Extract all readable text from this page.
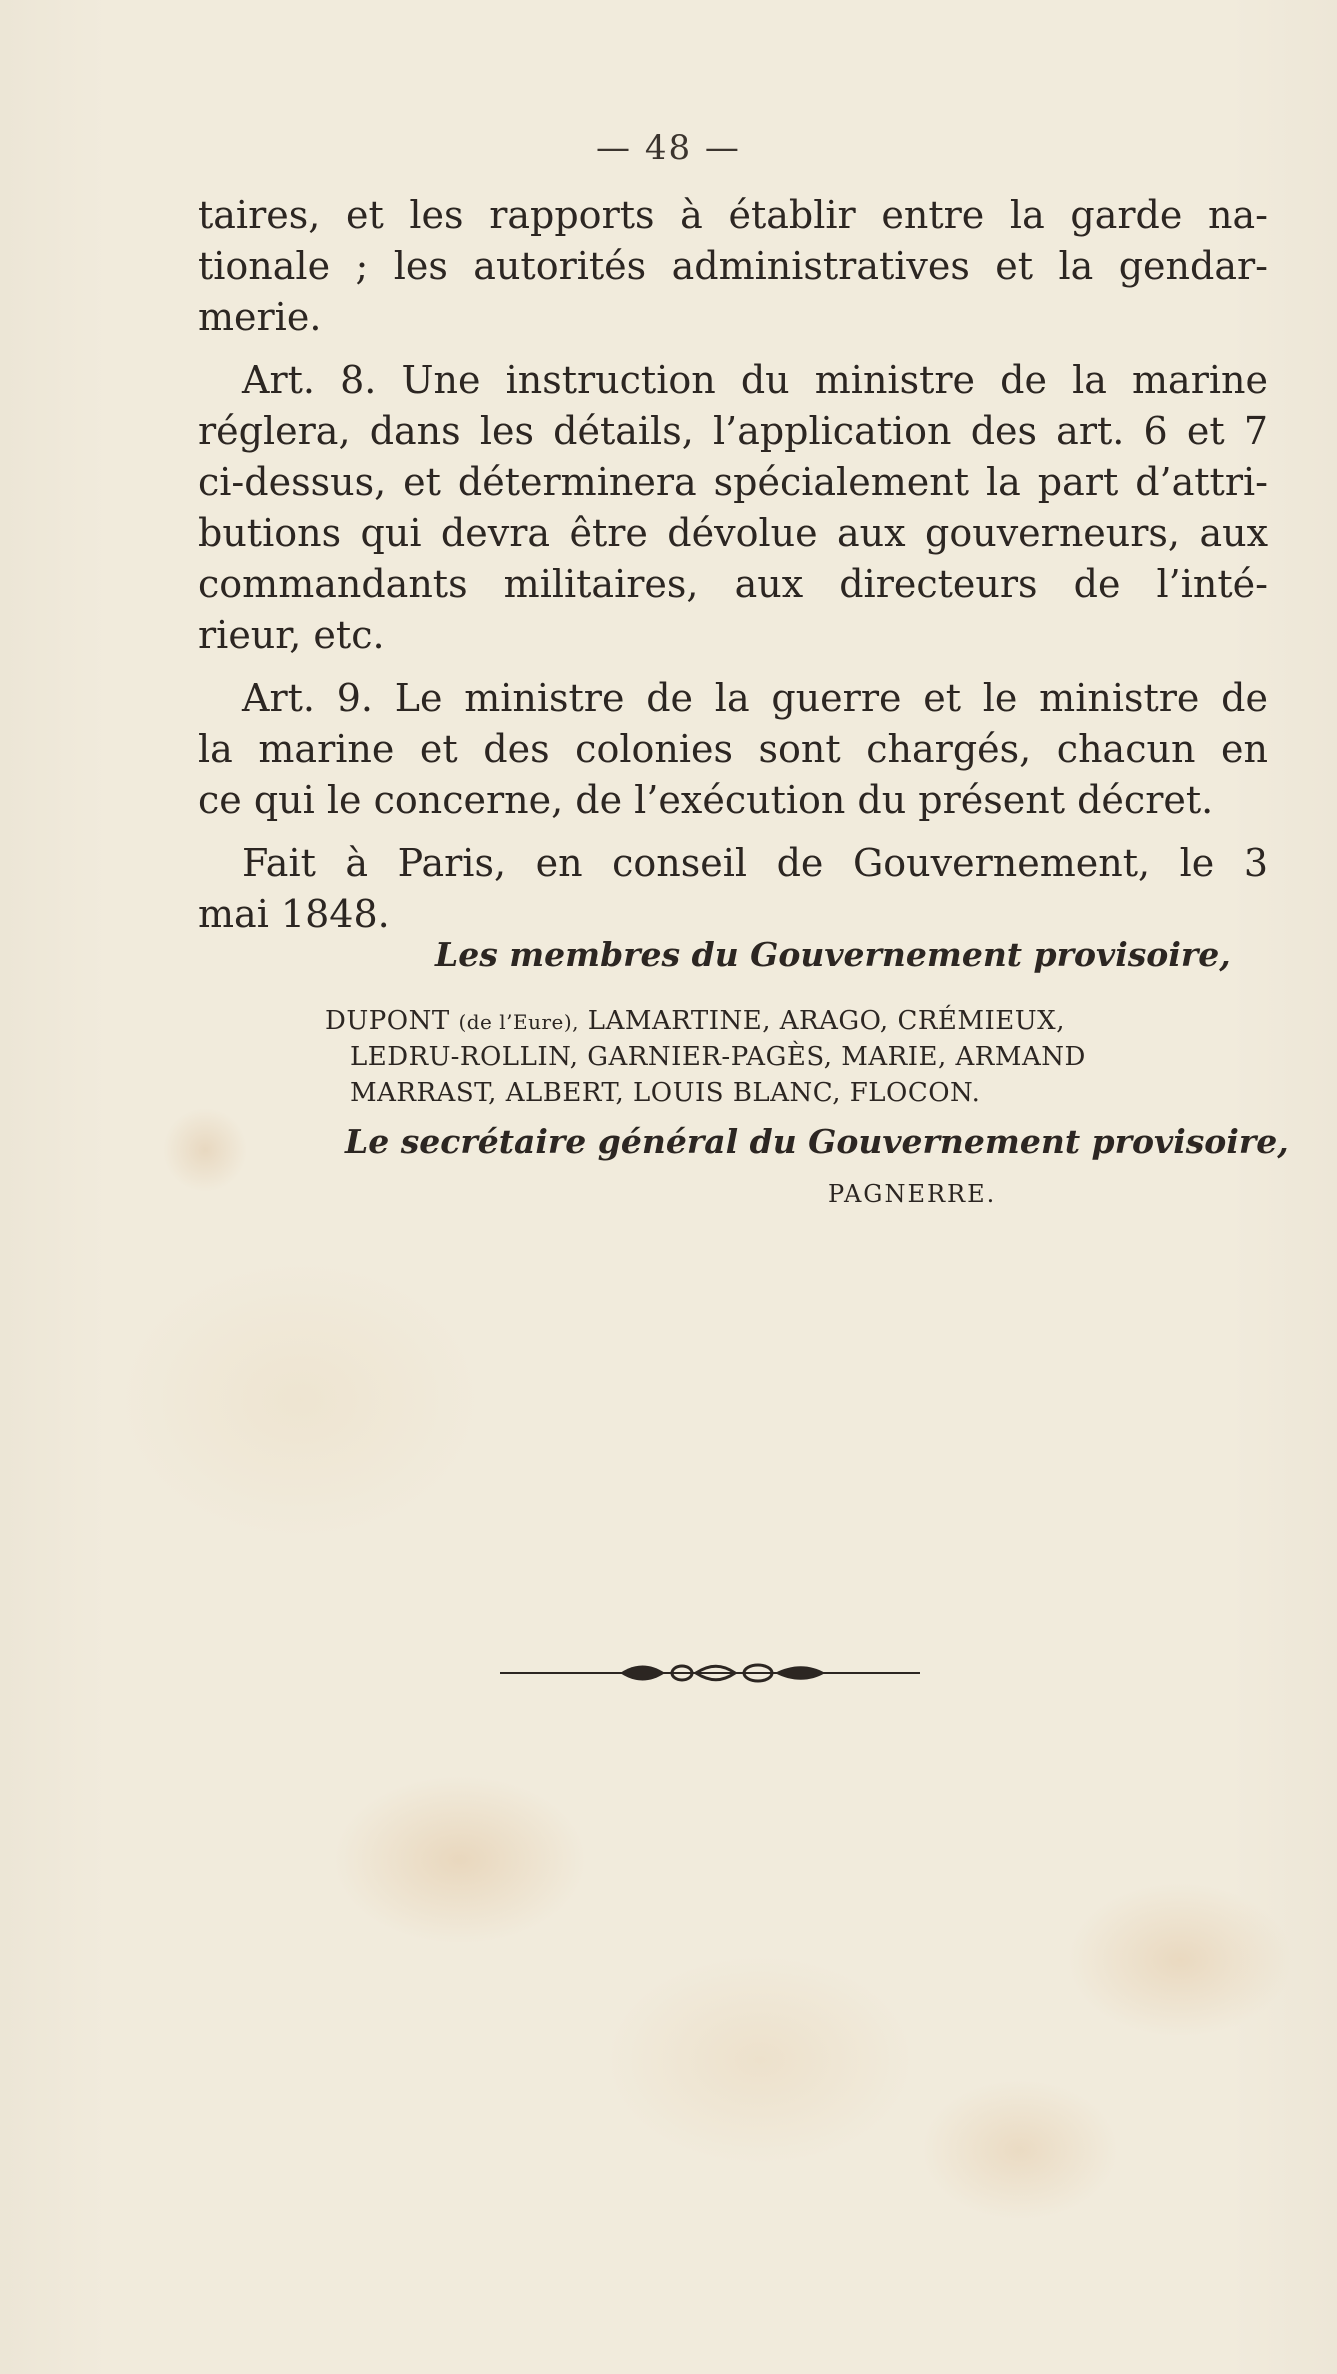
— 48 —
taires, et les rapports à établir entre la garde na-
tionale ; les autorités administratives et la gendar-
merie.
Art. 8. Une instruction du ministre de la marine
réglera, dans les détails, l’application des art. 6 et 7
ci-dessus, et déterminera spécialement la part d’attri-
butions qui devra être dévolue aux gouverneurs, aux
commandants militaires, aux directeurs de l’inté-
rieur, etc.
Art. 9. Le ministre de la guerre et le ministre de
la marine et des colonies sont chargés, chacun en
ce qui le concerne, de l’exécution du présent décret.
Fait à Paris, en conseil de Gouvernement, le 3
mai 1848.
Les membres du Gouvernement provisoire,
DUPONT (de l’Eure), LAMARTINE, ARAGO, CRÉMIEUX,
LEDRU-ROLLIN, GARNIER-PAGÈS, MARIE, ARMAND
MARRAST, ALBERT, LOUIS BLANC, FLOCON.
Le secrétaire général du Gouvernement provisoire,
PAGNERRE.
